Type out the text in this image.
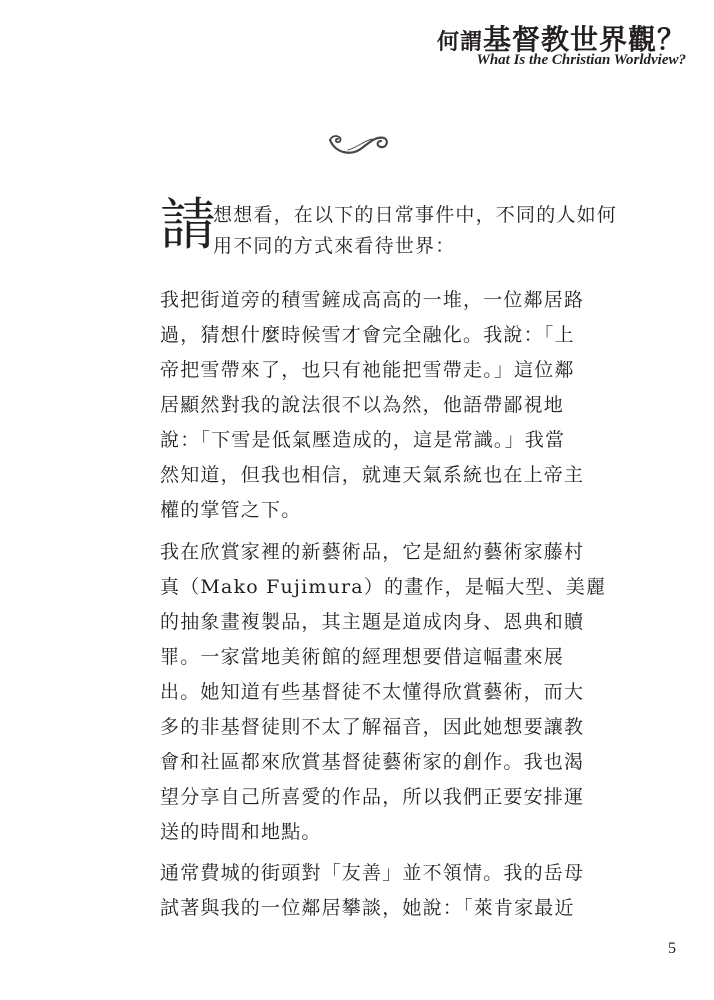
何謂基督教世界觀？
What Is the Christian Worldview?
請
想想看，在以下的日常事件中，不同的人如何
用不同的方式來看待世界：

我把街道旁的積雪鏟成高高的一堆，一位鄰居路
過，猜想什麼時候雪才會完全融化。我說：「上
帝把雪帶來了，也只有祂能把雪帶走。」這位鄰
居顯然對我的說法很不以為然，他語帶鄙視地
說：「下雪是低氣壓造成的，這是常識。」我當
然知道，但我也相信，就連天氣系統也在上帝主
權的掌管之下。

我在欣賞家裡的新藝術品，它是紐約藝術家藤村
真（Mako Fujimura）的畫作，是幅大型、美麗
的抽象畫複製品，其主題是道成肉身、恩典和贖
罪。一家當地美術館的經理想要借這幅畫來展
出。她知道有些基督徒不太懂得欣賞藝術，而大
多的非基督徒則不太了解福音，因此她想要讓教
會和社區都來欣賞基督徒藝術家的創作。我也渴
望分享自己所喜愛的作品，所以我們正要安排運
送的時間和地點。

通常費城的街頭對「友善」並不領情。我的岳母
試著與我的一位鄰居攀談，她說：「萊肯家最近

5
